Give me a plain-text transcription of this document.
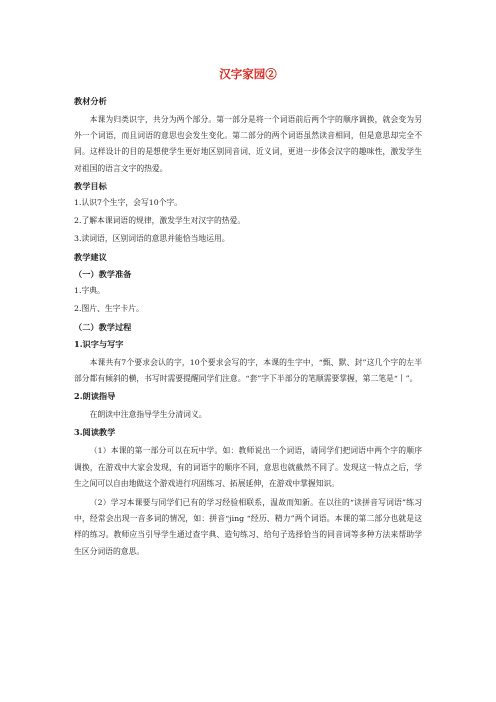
汉字家园②
教材分析
本课为归类识字，共分为两个部分。第一部分是将一个词语前后两个字的顺序调换，就会变为另外一个词语，而且词语的意思也会发生变化。第二部分的两个词语虽然读音相同，但是意思却完全不同。这样设计的目的是想使学生更好地区别同音词、近义词，更进一步体会汉字的趣味性，激发学生对祖国的语言文字的热爱。
教学目标
1.认识7个生字，会写10个字。
2.了解本课词语的规律，激发学生对汉字的热爱。
3.读词语，区别词语的意思并能恰当地运用。
教学建议
（一）教学准备
1.字典。
2.图片、生字卡片。
（二）教学过程
1.识字与写字
本课共有7个要求会认的字，10个要求会写的字，本课的生字中，“甄、默、封”这几个字的左半部分都有倾斜的横，书写时需要提醒同学们注意。“套”字下半部分的笔顺需要掌握，第二笔是“丨”。
2.朗读指导
在朗读中注意指导学生分清词义。
3.阅读教学
（1）本课的第一部分可以在玩中学。如：教师说出一个词语，请同学们把词语中两个字的顺序调换，在游戏中大家会发现，有的词语字的顺序不同，意思也就截然不同了。发现这一特点之后，学生之间可以自由地做这个游戏进行巩固练习、拓展延伸，在游戏中掌握知识。
（2）学习本课要与同学们已有的学习经验相联系，温故而知新。在以往的“读拼音写词语”练习中，经常会出现一音多词的情况，如：拼音“jing “经历、精力”两个词语。本课的第二部分也就是这样的练习。教师应当引导学生通过查字典、造句练习、给句子选择恰当的同音词等多种方法来帮助学生区分词语的意思。
